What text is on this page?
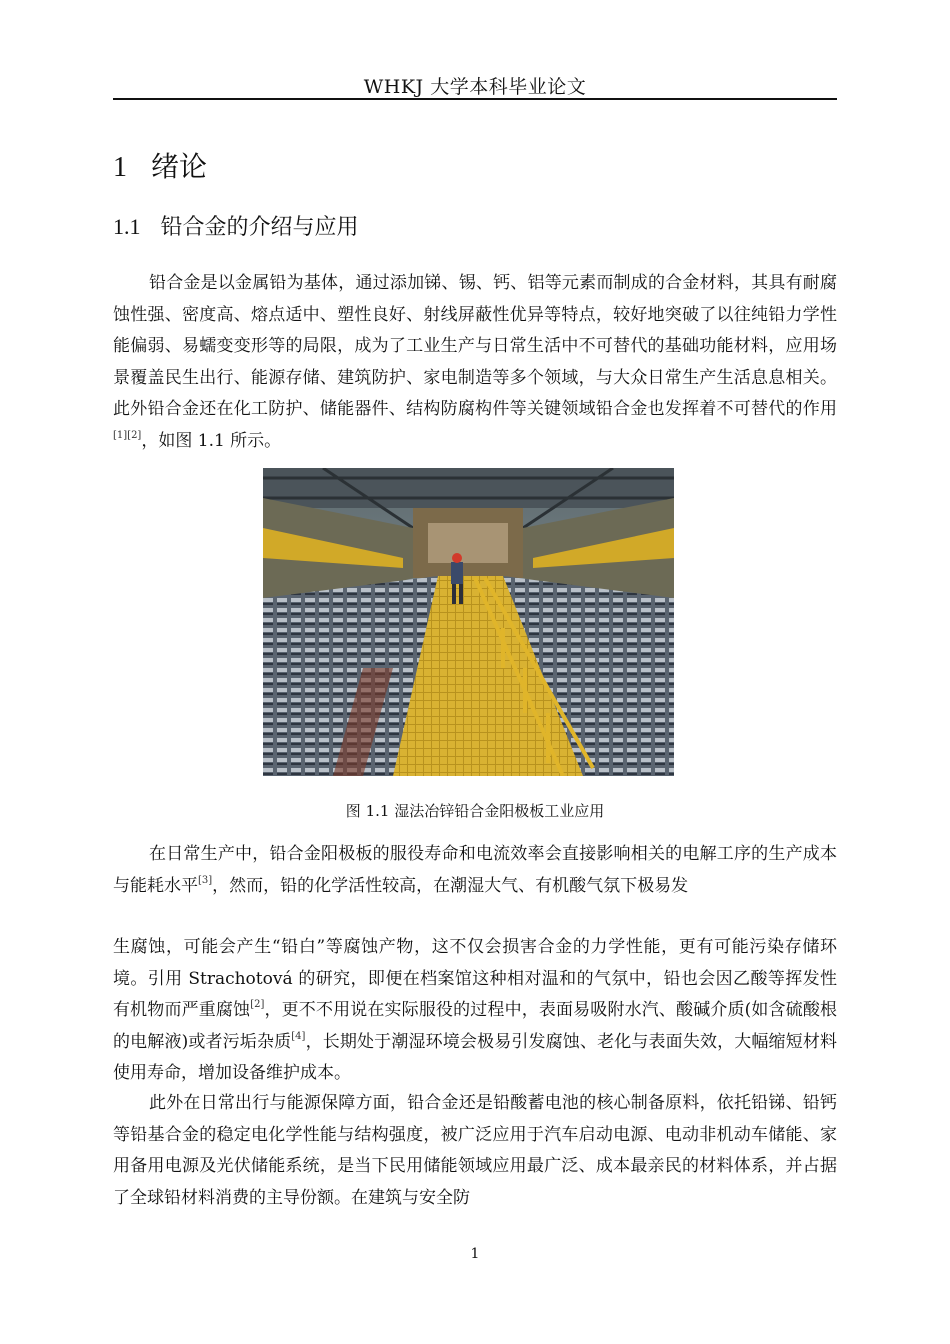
WHKJ 大学本科毕业论文
1 绪论
1.1 铅合金的介绍与应用

铅合金是以金属铅为基体，通过添加锑、锡、钙、铝等元素而制成的合金材料，其具有耐腐蚀性强、密度高、熔点适中、塑性良好、射线屏蔽性优异等特点，较好地突破了以往纯铅力学性能偏弱、易蠕变变形等的局限，成为了工业生产与日常生活中不可替代的基础功能材料，应用场景覆盖民生出行、能源存储、建筑防护、家电制造等多个领域，与大众日常生产生活息息相关。此外铅合金还在化工防护、储能器件、结构防腐构件等关键领域铅合金也发挥着不可替代的作用[1][2]，如图 1.1 所示。

图 1.1 湿法冶锌铅合金阳极板工业应用

在日常生产中，铅合金阳极板的服役寿命和电流效率会直接影响相关的电解工序的生产成本与能耗水平[3]，然而，铅的化学活性较高，在潮湿大气、有机酸气氛下极易发

生腐蚀，可能会产生“铅白”等腐蚀产物，这不仅会损害合金的力学性能，更有可能污染存储环境。引用 Strachotová 的研究，即便在档案馆这种相对温和的气氛中，铅也会因乙酸等挥发性有机物而严重腐蚀[2]，更不不用说在实际服役的过程中，表面易吸附水汽、酸碱介质(如含硫酸根的电解液)或者污垢杂质[4]，长期处于潮湿环境会极易引发腐蚀、老化与表面失效，大幅缩短材料使用寿命，增加设备维护成本。

此外在日常出行与能源保障方面，铅合金还是铅酸蓄电池的核心制备原料，依托铅锑、铅钙等铅基合金的稳定电化学性能与结构强度，被广泛应用于汽车启动电源、电动非机动车储能、家用备用电源及光伏储能系统，是当下民用储能领域应用最广泛、成本最亲民的材料体系，并占据了全球铅材料消费的主导份额。在建筑与安全防

1
